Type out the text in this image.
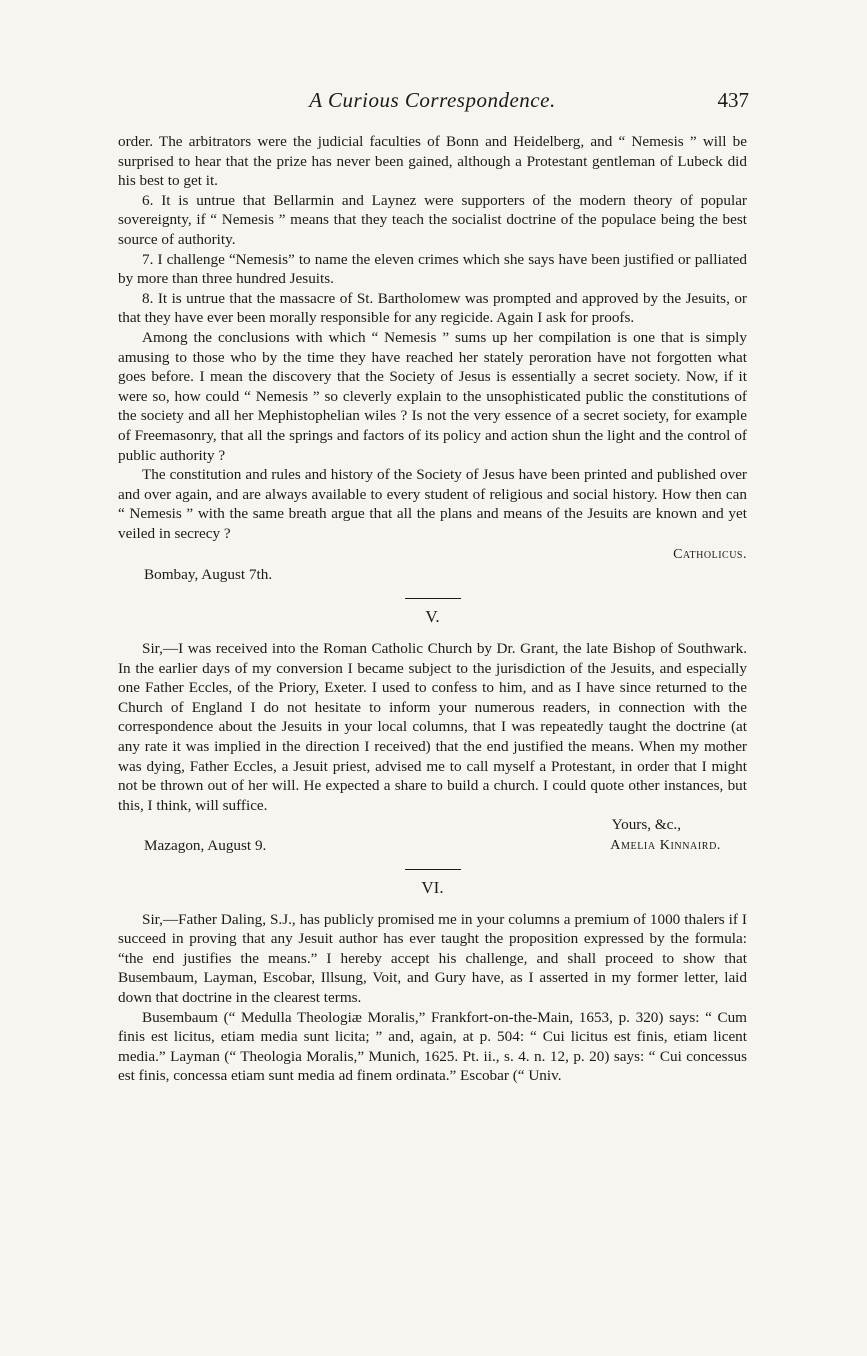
A Curious Correspondence.	437

order. The arbitrators were the judicial faculties of Bonn and Heidelberg, and “ Nemesis ” will be surprised to hear that the prize has never been gained, although a Protestant gentleman of Lubeck did his best to get it.

6. It is untrue that Bellarmin and Laynez were supporters of the modern theory of popular sovereignty, if “ Nemesis ” means that they teach the socialist doctrine of the populace being the best source of authority.

7. I challenge “Nemesis” to name the eleven crimes which she says have been justified or palliated by more than three hundred Jesuits.

8. It is untrue that the massacre of St. Bartholomew was prompted and approved by the Jesuits, or that they have ever been morally responsible for any regicide. Again I ask for proofs.

Among the conclusions with which “ Nemesis ” sums up her compilation is one that is simply amusing to those who by the time they have reached her stately peroration have not forgotten what goes before. I mean the discovery that the Society of Jesus is essentially a secret society. Now, if it were so, how could “ Nemesis ” so cleverly explain to the unsophisticated public the constitutions of the society and all her Mephistophelian wiles ? Is not the very essence of a secret society, for example of Freemasonry, that all the springs and factors of its policy and action shun the light and the control of public authority ?

The constitution and rules and history of the Society of Jesus have been printed and published over and over again, and are always available to every student of religious and social history. How then can “ Nemesis ” with the same breath argue that all the plans and means of the Jesuits are known and yet veiled in secrecy ?

Catholicus.
Bombay, August 7th.
V.

Sir,—I was received into the Roman Catholic Church by Dr. Grant, the late Bishop of Southwark. In the earlier days of my conversion I became subject to the jurisdiction of the Jesuits, and especially one Father Eccles, of the Priory, Exeter. I used to confess to him, and as I have since returned to the Church of England I do not hesitate to inform your numerous readers, in connection with the correspondence about the Jesuits in your local columns, that I was repeatedly taught the doctrine (at any rate it was implied in the direction I received) that the end justified the means. When my mother was dying, Father Eccles, a Jesuit priest, advised me to call myself a Protestant, in order that I might not be thrown out of her will. He expected a share to build a church. I could quote other instances, but this, I think, will suffice.

Mazagon, August 9.
Yours, &c.,
Amelia Kinnaird.
VI.

Sir,—Father Daling, S.J., has publicly promised me in your columns a premium of 1000 thalers if I succeed in proving that any Jesuit author has ever taught the proposition expressed by the formula: “the end justifies the means.” I hereby accept his challenge, and shall proceed to show that Busembaum, Layman, Escobar, Illsung, Voit, and Gury have, as I asserted in my former letter, laid down that doctrine in the clearest terms.

Busembaum (“ Medulla Theologiæ Moralis,” Frankfort-on-the-Main, 1653, p. 320) says: “ Cum finis est licitus, etiam media sunt licita; ” and, again, at p. 504: “ Cui licitus est finis, etiam licent media.” Layman (“ Theologia Moralis,” Munich, 1625. Pt. ii., s. 4. n. 12, p. 20) says: “ Cui concessus est finis, concessa etiam sunt media ad finem ordinata.” Escobar (“ Univ.
